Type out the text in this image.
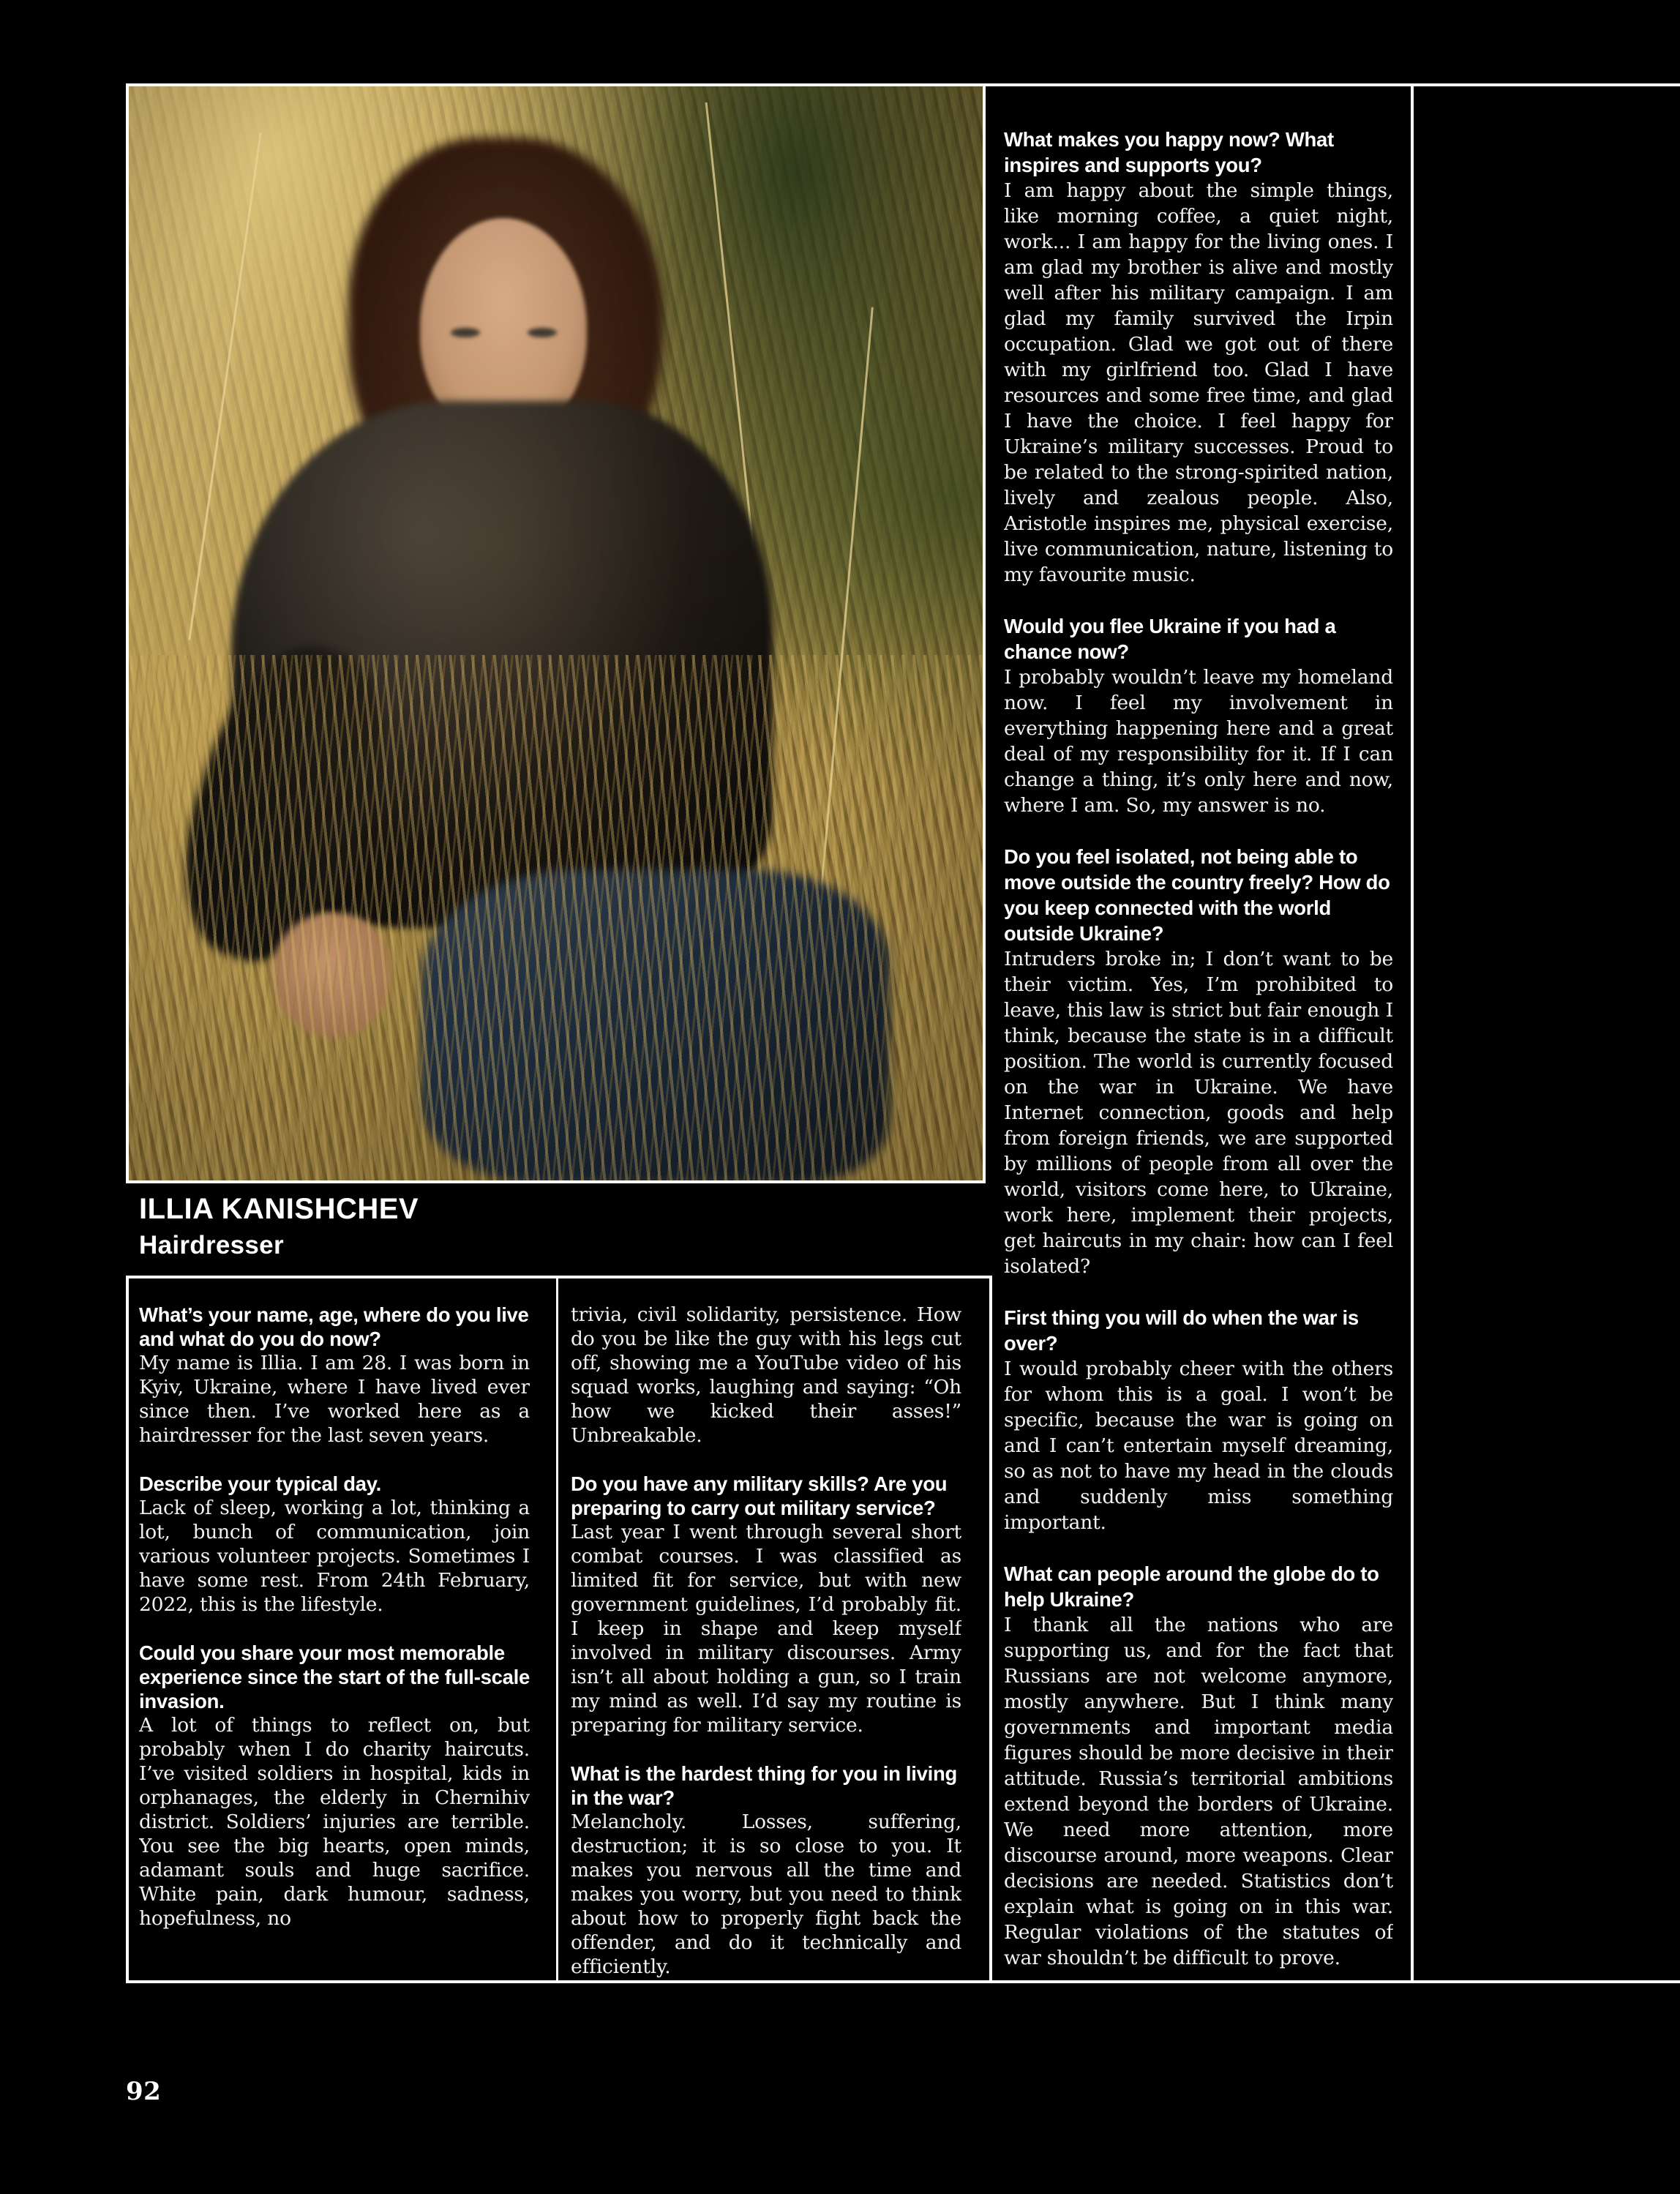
ILLIA KANISHCHEV
Hairdresser

What’s your name, age, where do you live and what do you do now?

My name is Illia. I am 28. I was born in Kyiv, Ukraine, where I have lived ever since then. I’ve worked here as a hairdresser for the last seven years.

Describe your typical day.

Lack of sleep, working a lot, thinking a lot, bunch of communication, join various volunteer projects. Sometimes I have some rest. From 24th February, 2022, this is the lifestyle.

Could you share your most memorable experience since the start of the full-scale invasion.

A lot of things to reflect on, but probably when I do charity haircuts. I’ve visited soldiers in hospital, kids in orphanages, the elderly in Chernihiv district. Soldiers’ injuries are terrible. You see the big hearts, open minds, adamant souls and huge sacrifice. White pain, dark humour, sadness, hopefulness, no

trivia, civil solidarity, persistence. How do you be like the guy with his legs cut off, showing me a YouTube video of his squad works, laughing and saying: “Oh how we kicked their asses!” Unbreakable.

Do you have any military skills? Are you preparing to carry out military service?

Last year I went through several short combat courses. I was classified as limited fit for service, but with new government guidelines, I’d probably fit. I keep in shape and keep myself involved in military discourses. Army isn’t all about holding a gun, so I train my mind as well. I’d say my routine is preparing for military service.

What is the hardest thing for you in living in the war?

Melancholy. Losses, suffering, destruction; it is so close to you. It makes you nervous all the time and makes you worry, but you need to think about how to properly fight back the offender, and do it technically and efficiently.

What makes you happy now? What inspires and supports you?

I am happy about the simple things, like morning coffee, a quiet night, work... I am happy for the living ones. I am glad my brother is alive and mostly well after his military campaign. I am glad my family survived the Irpin occupation. Glad we got out of there with my girlfriend too. Glad I have resources and some free time, and glad I have the choice. I feel happy for Ukraine’s military successes. Proud to be related to the strong-spirited nation, lively and zealous people. Also, Aristotle inspires me, physical exercise, live communication, nature, listening to my favourite music.

Would you flee Ukraine if you had a chance now?

I probably wouldn’t leave my homeland now. I feel my involvement in everything happening here and a great deal of my responsibility for it. If I can change a thing, it’s only here and now, where I am. So, my answer is no.

Do you feel isolated, not being able to move outside the country freely? How do you keep connected with the world outside Ukraine?

Intruders broke in; I don’t want to be their victim. Yes, I’m prohibited to leave, this law is strict but fair enough I think, because the state is in a difficult position. The world is currently focused on the war in Ukraine. We have Internet connection, goods and help from foreign friends, we are supported by millions of people from all over the world, visitors come here, to Ukraine, work here, implement their projects, get haircuts in my chair: how can I feel isolated?

First thing you will do when the war is over?

I would probably cheer with the others for whom this is a goal. I won’t be specific, because the war is going on and I can’t entertain myself dreaming, so as not to have my head in the clouds and suddenly miss something important.

What can people around the globe do to help Ukraine?

I thank all the nations who are supporting us, and for the fact that Russians are not welcome anymore, mostly anywhere. But I think many governments and important media figures should be more decisive in their attitude. Russia’s territorial ambitions extend beyond the borders of Ukraine. We need more attention, more discourse around, more weapons. Clear decisions are needed. Statistics don’t explain what is going on in this war. Regular violations of the statutes of war shouldn’t be difficult to prove.

92
